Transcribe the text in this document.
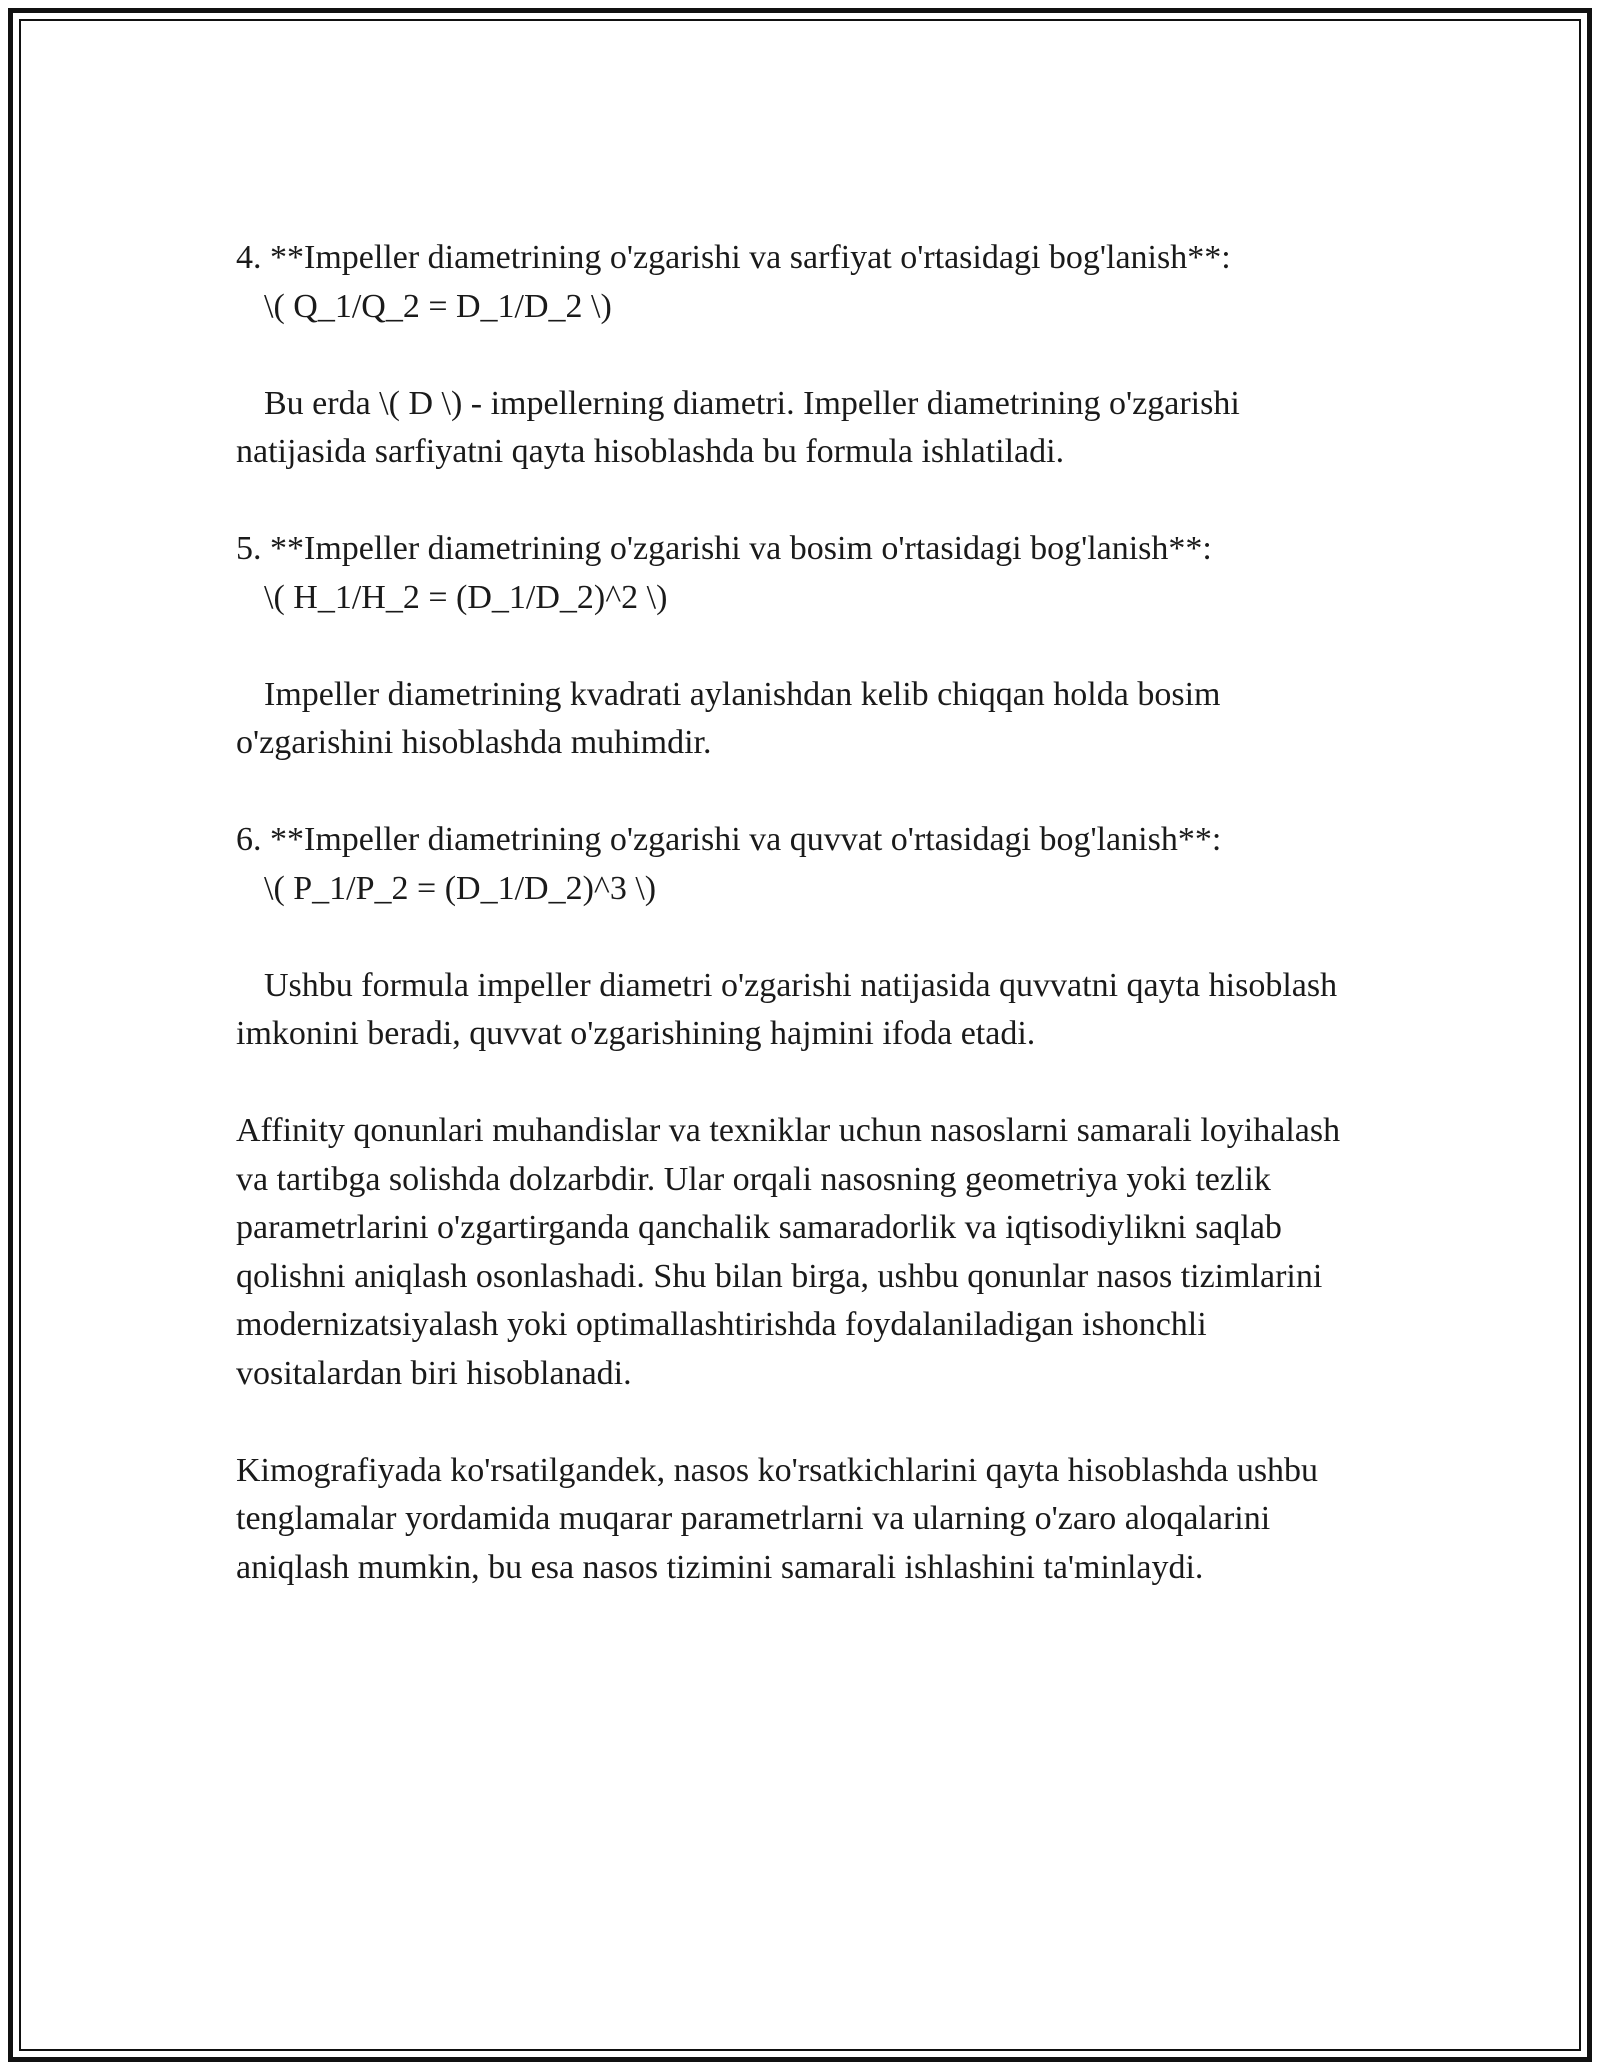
4. **Impeller diametrining o'zgarishi va sarfiyat o'rtasidagi bog'lanish**:
\( Q_1/Q_2 = D_1/D_2 \)
Bu erda \( D \) - impellerning diametri. Impeller diametrining o'zgarishi natijasida sarfiyatni qayta hisoblashda bu formula ishlatiladi.
5. **Impeller diametrining o'zgarishi va bosim o'rtasidagi bog'lanish**:
\( H_1/H_2 = (D_1/D_2)^2 \)
Impeller diametrining kvadrati aylanishdan kelib chiqqan holda bosim o'zgarishini hisoblashda muhimdir.
6. **Impeller diametrining o'zgarishi va quvvat o'rtasidagi bog'lanish**:
\( P_1/P_2 = (D_1/D_2)^3 \)
Ushbu formula impeller diametri o'zgarishi natijasida quvvatni qayta hisoblash imkonini beradi, quvvat o'zgarishining hajmini ifoda etadi.
Affinity qonunlari muhandislar va texniklar uchun nasoslarni samarali loyihalash va tartibga solishda dolzarbdir. Ular orqali nasosning geometriya yoki tezlik parametrlarini o'zgartirganda qanchalik samaradorlik va iqtisodiylikni saqlab qolishni aniqlash osonlashadi. Shu bilan birga, ushbu qonunlar nasos tizimlarini modernizatsiyalash yoki optimallashtirishda foydalaniladigan ishonchli vositalardan biri hisoblanadi.
Kimografiyada ko'rsatilgandek, nasos ko'rsatkichlarini qayta hisoblashda ushbu tenglamalar yordamida muqarar parametrlarni va ularning o'zaro aloqalarini aniqlash mumkin, bu esa nasos tizimini samarali ishlashini ta'minlaydi.
